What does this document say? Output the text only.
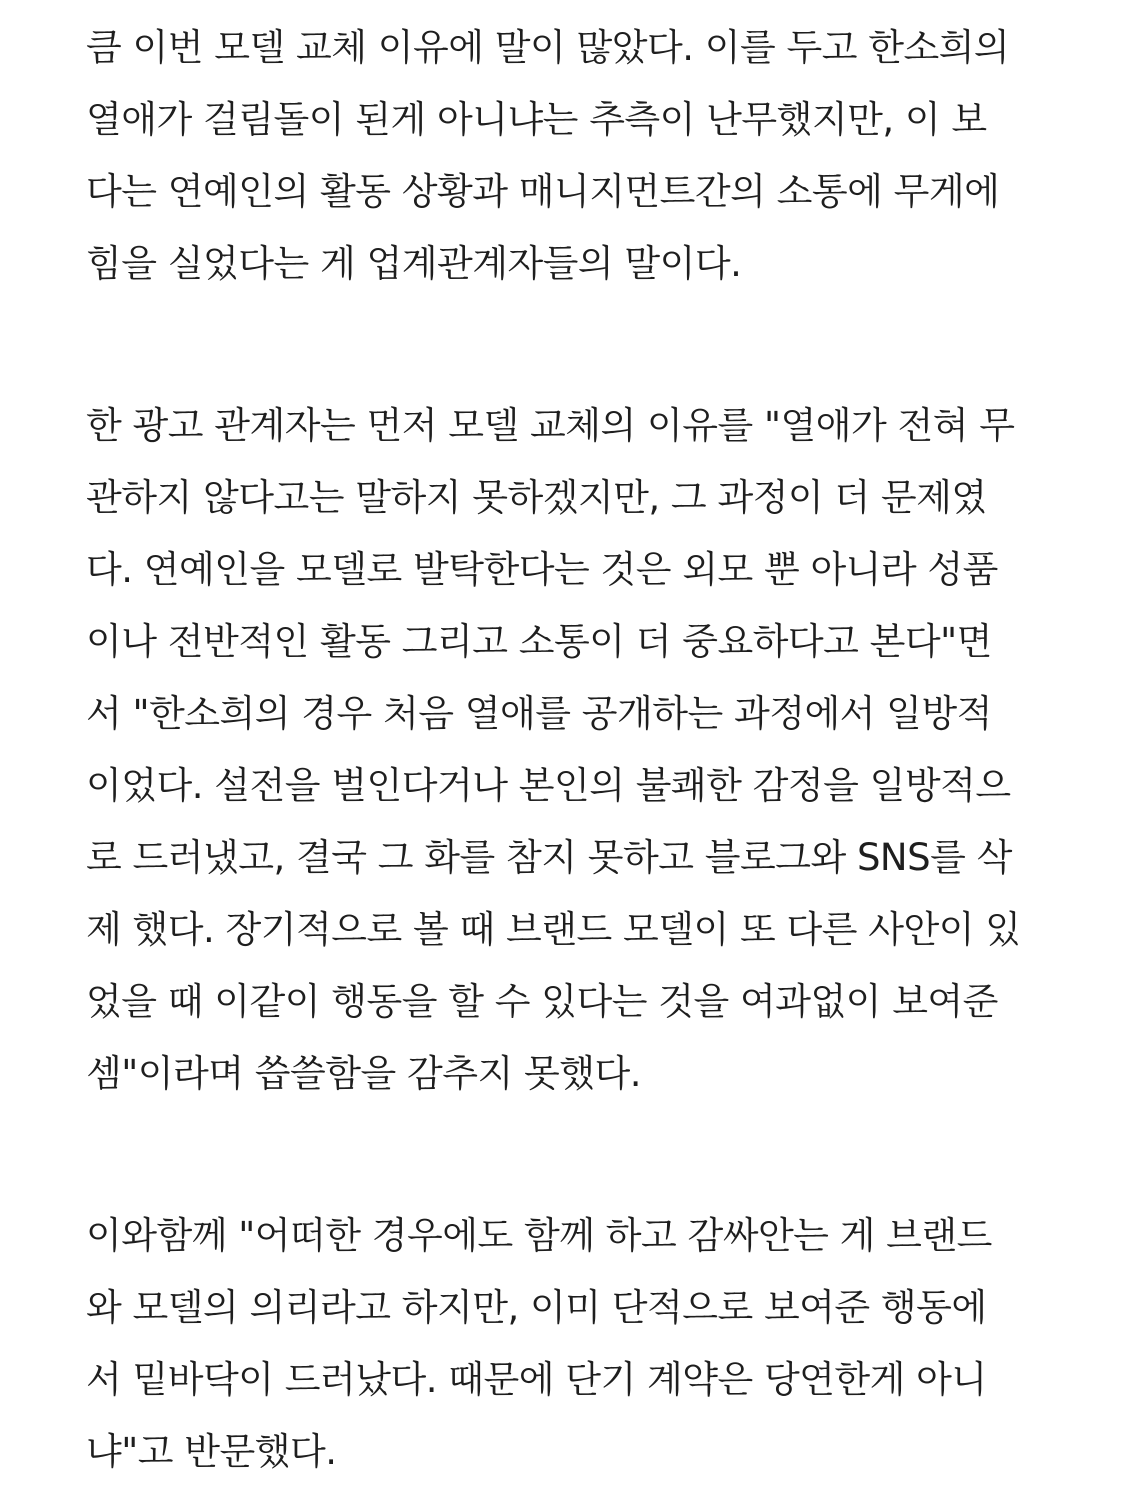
큼 이번 모델 교체 이유에 말이 많았다. 이를 두고 한소희의
열애가 걸림돌이 된게 아니냐는 추측이 난무했지만, 이 보
다는 연예인의 활동 상황과 매니지먼트간의 소통에 무게에
힘을 실었다는 게 업계관계자들의 말이다.
한 광고 관계자는 먼저 모델 교체의 이유를 "열애가 전혀 무
관하지 않다고는 말하지 못하겠지만, 그 과정이 더 문제였
다. 연예인을 모델로 발탁한다는 것은 외모 뿐 아니라 성품
이나 전반적인 활동 그리고 소통이 더 중요하다고 본다"면
서 "한소희의 경우 처음 열애를 공개하는 과정에서 일방적
이었다. 설전을 벌인다거나 본인의 불쾌한 감정을 일방적으
로 드러냈고, 결국 그 화를 참지 못하고 블로그와 SNS를 삭
제 했다. 장기적으로 볼 때 브랜드 모델이 또 다른 사안이 있
었을 때 이같이 행동을 할 수 있다는 것을 여과없이 보여준
셈"이라며 씁쓸함을 감추지 못했다.
이와함께 "어떠한 경우에도 함께 하고 감싸안는 게 브랜드
와 모델의 의리라고 하지만, 이미 단적으로 보여준 행동에
서 밑바닥이 드러났다. 때문에 단기 계약은 당연한게 아니
냐"고 반문했다.
